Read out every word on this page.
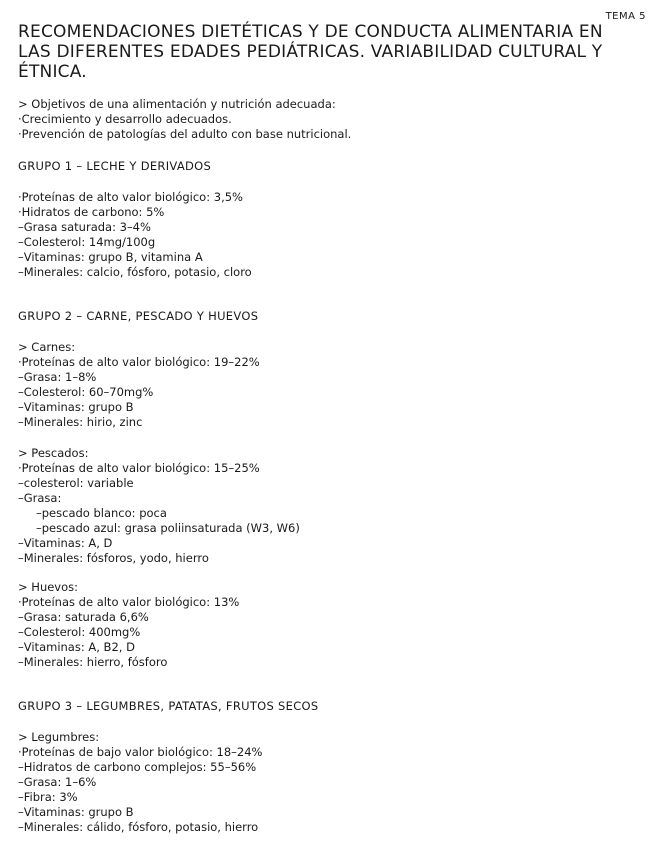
TEMA 5
RECOMENDACIONES DIETÉTICAS Y DE CONDUCTA ALIMENTARIA EN
LAS DIFERENTES EDADES PEDIÁTRICAS. VARIABILIDAD CULTURAL Y
ÉTNICA.
> Objetivos de una alimentación y nutrición adecuada:
·Crecimiento y desarrollo adecuados.
·Prevención de patologías del adulto con base nutricional.
GRUPO 1 – LECHE Y DERIVADOS
·Proteínas de alto valor biológico: 3,5%
·Hidratos de carbono: 5%
–Grasa saturada: 3–4%
–Colesterol: 14mg/100g
–Vitaminas: grupo B, vitamina A
–Minerales: calcio, fósforo, potasio, cloro
GRUPO 2 – CARNE, PESCADO Y HUEVOS
> Carnes:
·Proteínas de alto valor biológico: 19–22%
–Grasa: 1–8%
–Colesterol: 60–70mg%
–Vitaminas: grupo B
–Minerales: hirio, zinc
> Pescados:
·Proteínas de alto valor biológico: 15–25%
–colesterol: variable
–Grasa:
–pescado blanco: poca
–pescado azul: grasa poliinsaturada (W3, W6)
–Vitaminas: A, D
–Minerales: fósforos, yodo, hierro
> Huevos:
·Proteínas de alto valor biológico: 13%
–Grasa: saturada 6,6%
–Colesterol: 400mg%
–Vitaminas: A, B2, D
–Minerales: hierro, fósforo
GRUPO 3 – LEGUMBRES, PATATAS, FRUTOS SECOS
> Legumbres:
·Proteínas de bajo valor biológico: 18–24%
–Hidratos de carbono complejos: 55–56%
–Grasa: 1–6%
–Fibra: 3%
–Vitaminas: grupo B
–Minerales: cálido, fósforo, potasio, hierro
